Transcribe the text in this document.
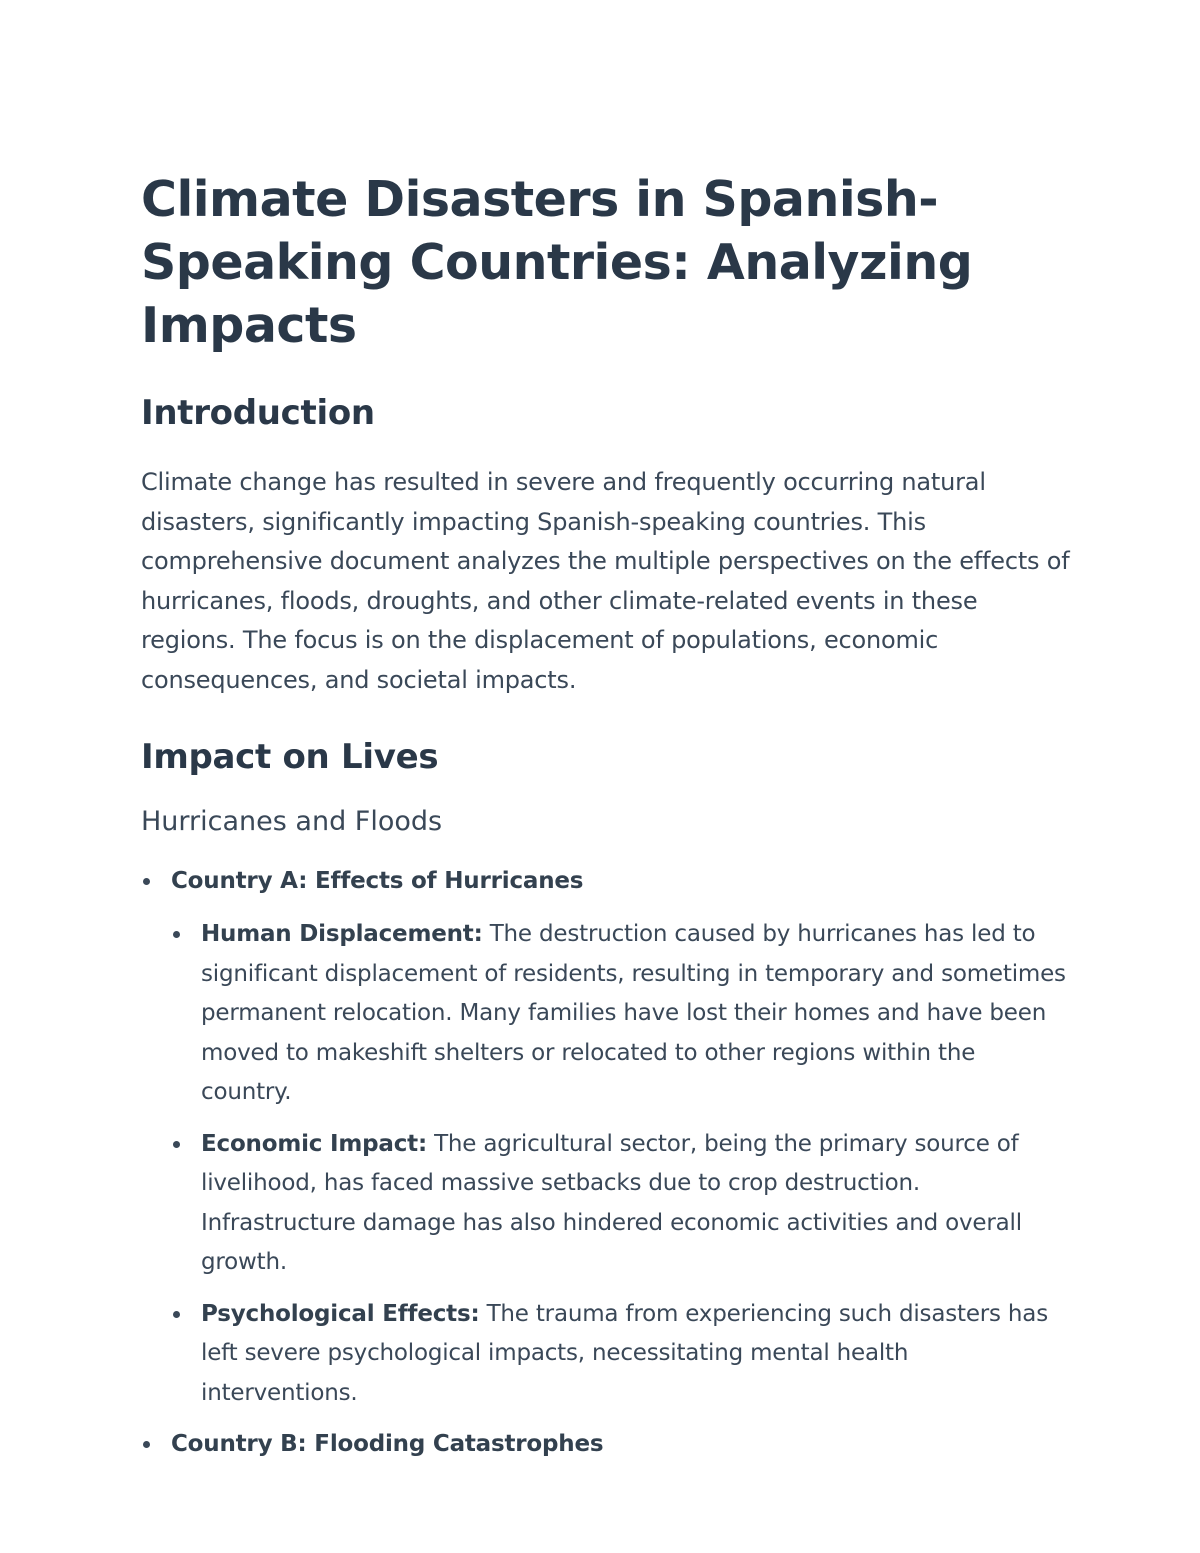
Climate Disasters in Spanish-Speaking Countries: Analyzing Impacts
Introduction

Climate change has resulted in severe and frequently occurring natural disasters, significantly impacting Spanish-speaking countries. This comprehensive document analyzes the multiple perspectives on the effects of hurricanes, floods, droughts, and other climate-related events in these regions. The focus is on the displacement of populations, economic consequences, and societal impacts.

Impact on Lives
Hurricanes and Floods
Country A: Effects of Hurricanes
Human Displacement: The destruction caused by hurricanes has led to significant displacement of residents, resulting in temporary and sometimes permanent relocation. Many families have lost their homes and have been moved to makeshift shelters or relocated to other regions within the country.
Economic Impact: The agricultural sector, being the primary source of livelihood, has faced massive setbacks due to crop destruction. Infrastructure damage has also hindered economic activities and overall growth.
Psychological Effects: The trauma from experiencing such disasters has left severe psychological impacts, necessitating mental health interventions.
Country B: Flooding Catastrophes
